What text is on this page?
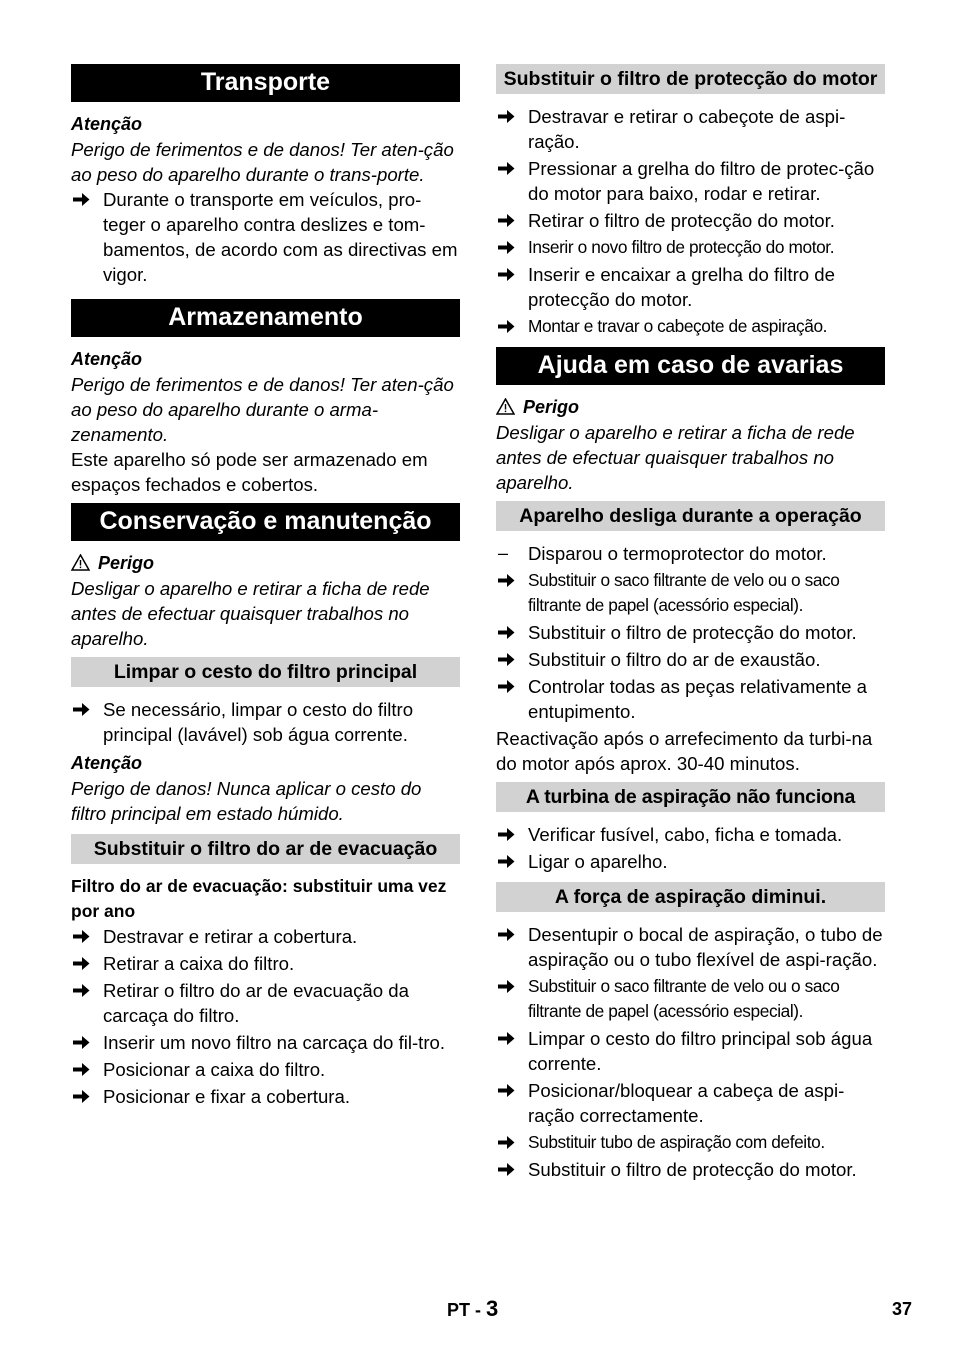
Transporte
Atenção
Perigo de ferimentos e de danos! Ter aten-ção ao peso do aparelho durante o trans-porte.
Durante o transporte em veículos, pro-teger o aparelho contra deslizes e tom-bamentos, de acordo com as directivas em vigor.
Armazenamento
Atenção
Perigo de ferimentos e de danos! Ter aten-ção ao peso do aparelho durante o arma-zenamento.
Este aparelho só pode ser armazenado em espaços fechados e cobertos.
Conservação e manutenção
Perigo
Desligar o aparelho e retirar a ficha de rede antes de efectuar quaisquer trabalhos no aparelho.
Limpar o cesto do filtro principal
Se necessário, limpar o cesto do filtro principal (lavável) sob água corrente.
Atenção
Perigo de danos! Nunca aplicar o cesto do filtro principal em estado húmido.
Substituir o filtro do ar de evacuação
Filtro do ar de evacuação: substituir uma vez por ano
Destravar e retirar a cobertura.
Retirar a caixa do filtro.
Retirar o filtro do ar de evacuação da carcaça do filtro.
Inserir um novo filtro na carcaça do fil-tro.
Posicionar a caixa do filtro.
Posicionar e fixar a cobertura.
Substituir o filtro de protecção do motor
Destravar e retirar o cabeçote de aspi-ração.
Pressionar a grelha do filtro de protec-ção do motor para baixo, rodar e retirar.
Retirar o filtro de protecção do motor.
Inserir o novo filtro de protecção do motor.
Inserir e encaixar a grelha do filtro de protecção do motor.
Montar e travar o cabeçote de aspiração.
Ajuda em caso de avarias
Perigo
Desligar o aparelho e retirar a ficha de rede antes de efectuar quaisquer trabalhos no aparelho.
Aparelho desliga durante a operação
– Disparou o termoprotector do motor.
Substituir o saco filtrante de velo ou o saco filtrante de papel (acessório especial).
Substituir o filtro de protecção do motor.
Substituir o filtro do ar de exaustão.
Controlar todas as peças relativamente a entupimento.
Reactivação após o arrefecimento da turbi-na do motor após aprox. 30-40 minutos.
A turbina de aspiração não funciona
Verificar fusível, cabo, ficha e tomada.
Ligar o aparelho.
A força de aspiração diminui.
Desentupir o bocal de aspiração, o tubo de aspiração ou o tubo flexível de aspi-ração.
Substituir o saco filtrante de velo ou o saco filtrante de papel (acessório especial).
Limpar o cesto do filtro principal sob água corrente.
Posicionar/bloquear a cabeça de aspi-ração correctamente.
Substituir tubo de aspiração com defeito.
Substituir o filtro de protecção do motor.
PT - 3	37
